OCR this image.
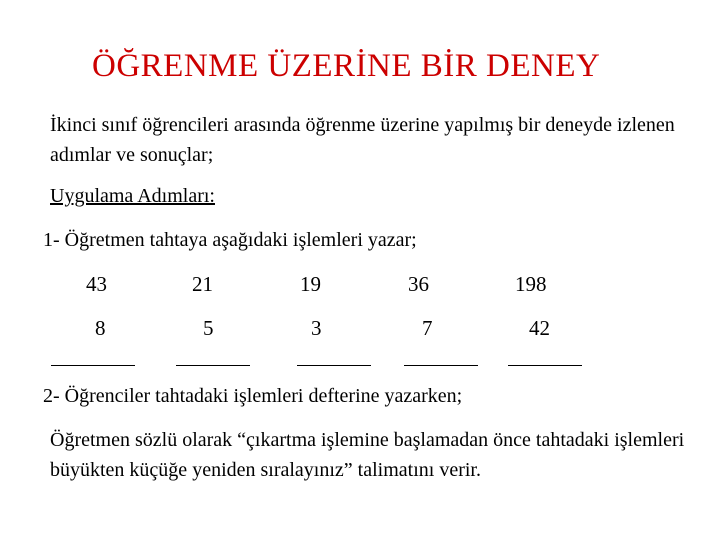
ÖĞRENME ÜZERİNE BİR DENEY
İkinci sınıf öğrencileri arasında öğrenme üzerine yapılmış bir deneyde izlenen adımlar ve sonuçlar;
Uygulama Adımları:
1- Öğretmen tahtaya aşağıdaki işlemleri yazar;
43
8
21
5
19
3
36
7
198
42
2- Öğrenciler tahtadaki işlemleri defterine yazarken;
Öğretmen sözlü olarak “çıkartma işlemine başlamadan önce tahtadaki işlemleri büyükten küçüğe yeniden sıralayınız” talimatını verir.
